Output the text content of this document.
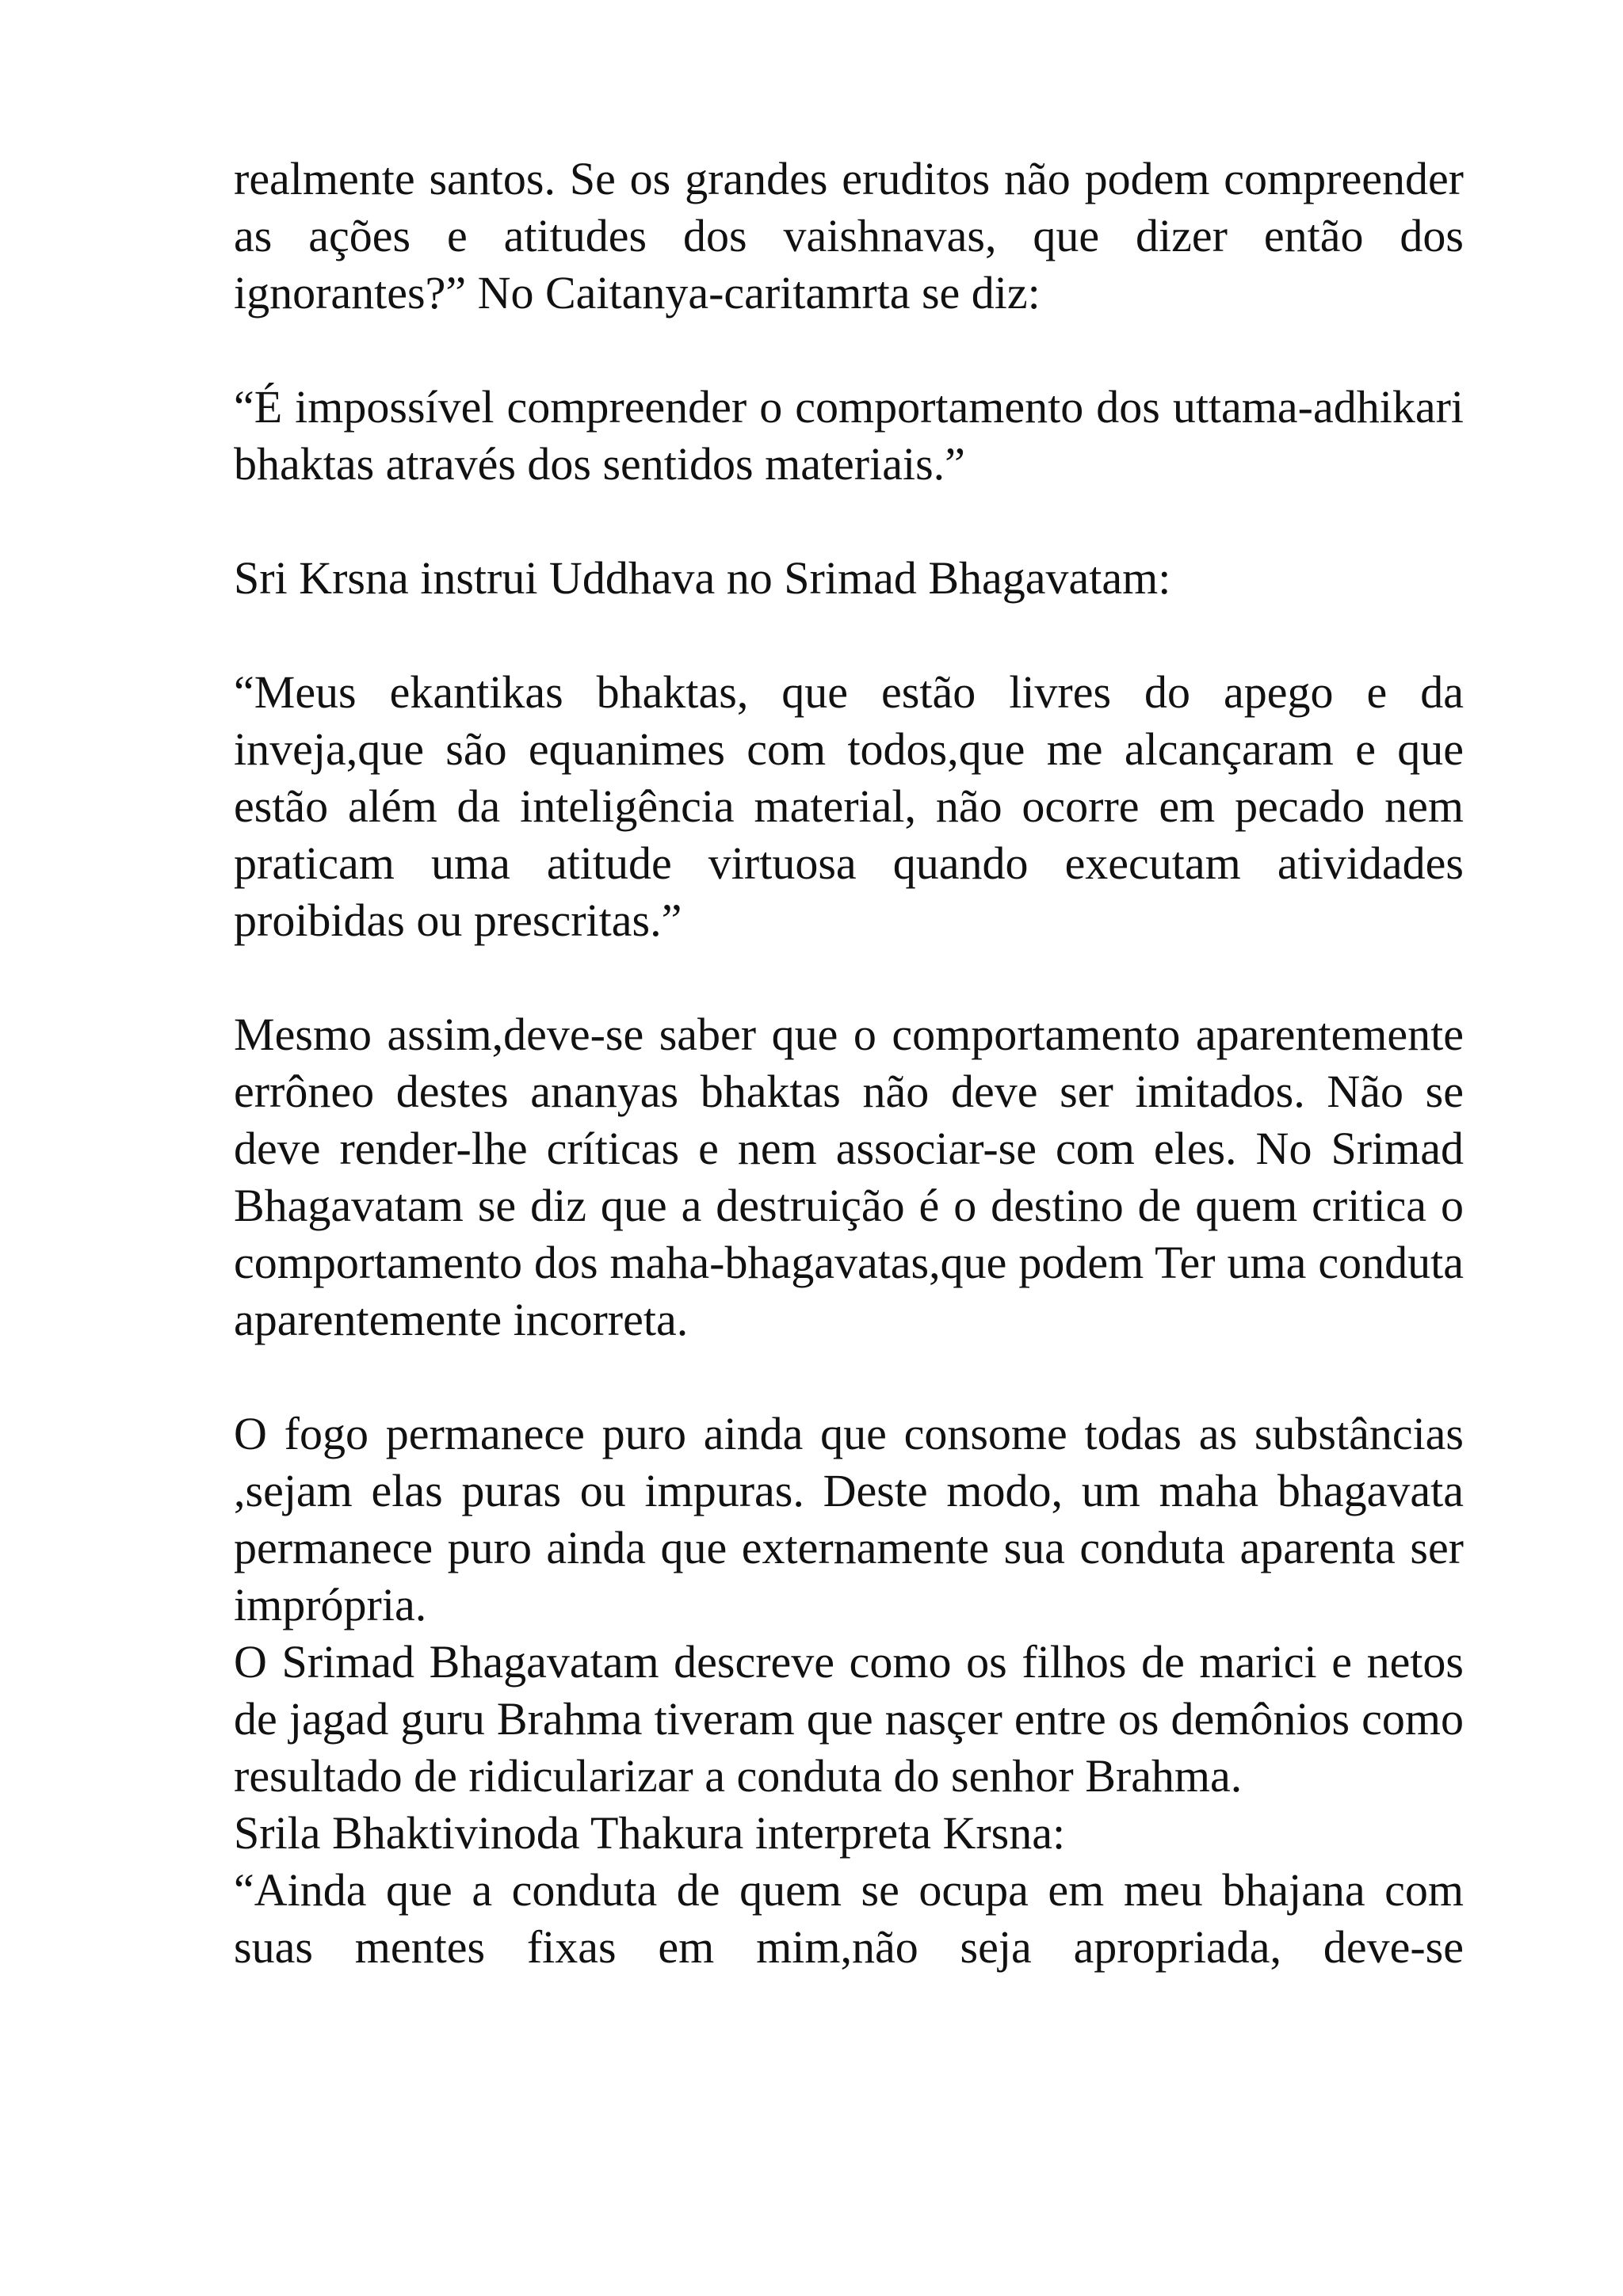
realmente santos. Se os grandes eruditos não podem compreender as ações e atitudes dos vaishnavas, que dizer então dos ignorantes?” No Caitanya-caritamrta se diz:

“É impossível compreender o comportamento dos uttama-adhikari bhaktas através dos sentidos materiais.”

Sri Krsna instrui Uddhava no Srimad Bhagavatam:

“Meus ekantikas bhaktas, que estão livres do apego e da inveja,que são equanimes com todos,que me alcançaram e que estão além da inteligência material, não ocorre em pecado nem praticam uma atitude virtuosa quando executam atividades proibidas ou prescritas.”

Mesmo assim,deve-se saber que o comportamento aparentemente errôneo destes ananyas bhaktas não deve ser imitados. Não se deve render-lhe críticas e nem associar-se com eles. No Srimad Bhagavatam se diz que a destruição é o destino de quem critica o comportamento dos maha-bhagavatas,que podem Ter uma conduta aparentemente incorreta.

O fogo permanece puro ainda que consome todas as substâncias ,sejam elas puras ou impuras. Deste modo, um maha bhagavata permanece puro ainda que externamente sua conduta aparenta ser imprópria.

O Srimad Bhagavatam descreve como os filhos de marici e netos de jagad guru Brahma tiveram que nasçer entre os demônios como resultado de ridicularizar a conduta do senhor Brahma.

Srila Bhaktivinoda Thakura interpreta Krsna:

“Ainda que a conduta de quem se ocupa em meu bhajana com suas mentes fixas em mim,não seja apropriada, deve-se
